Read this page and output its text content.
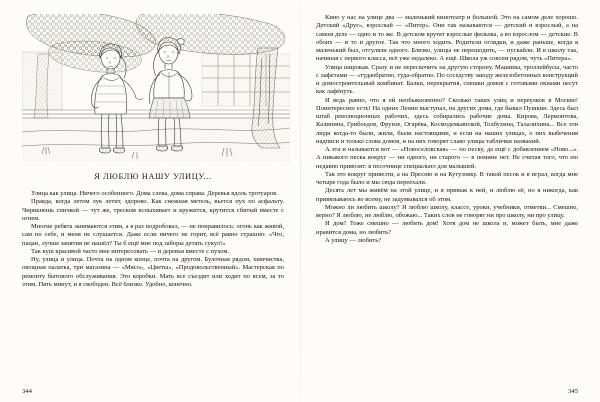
Я ЛЮБЛЮ НАШУ УЛИЦУ...

Улица как улица. Ничего особенного. Дома слева, дома справа. Деревья вдоль тротуаров.

Правда, когда летом лук летит, здорово. Как снежная метель, вьется пух по асфальту. Чирикнешь спичкой — тут же, треском вспыхивает и кружится, крутится сбитый вместе с огнем.

Многие ребята занимаются этим, а я раз подробовал, — не понравилось: огонь как живой, сам по себе, и меня не слушается. Даже если ничего не горит, всё равно страшно: «Что, пацан, лучше занятия не нашёл? Ты б ещё мне под заборы детать сукул!»

Так куш красивой часто мне интересовать — и деревья вместе с пухом.

Ну, улица и улица. Почта на одном конце, почта на другом. Булочная рядом, химчистка, овощная палатка, три магазина — «Мясо», «Цветы», «Продовольственный». Мастерская по ремонту бытового обслуживания. Это коробки. Мать все съездит или ходит по всем, за то этим. Пять минут, и я свободен. Всё близко. Удобно, конечно.

344

Кино у нас на улице два — маленький кинотеатр и большой. Это на самом деле хорошо. Детский «Друг», взрослый — «Питер». Они так называются — детский и взрослый, а на самом деле — одно и то же. В детском крутят взрослые фильмы, а во взрослом — детские. В обоих — и то и другое. Так что много ходить. Родители оглядки, и даже раньше, когда я маленький был, отгуляли одного. Близко, улицы не перешодить, — пускайли. И в школу так, начиная с первого класса, всё уже недалеко. А ещё. Школа уж совсем рядом, чуть «Питера».

Улица широкая. Сразу и не перескочить на другую сторону. Машины, троллейбусы, часто с лафетами — «тудаобратно, туда-обратно. По соседству заводу железобетонных конструкций и домостроительный комбинат. Балки, перекрытия, спешки домов с готовыми окнами несут как лафёнуть.

И ведь равно, что я ей необыкновенно? Сколько таких улиц и переулков в Москве! Поинтереснее есть! На одних Ленин выступал, на других дома, где бывал Пушкин. Здесь был штаб революционных рабочих, здесь собирались рабочие дома. Кирова, Лермонтова, Калинина, Грибоедов, Фрунзе, Огарёва, Космодемьянской, Толбухина, Талалихина... Все эти люди когда-то были, жили, были настоящими, и если на наших улицах, о них выбечения надписи и только слова домов, и на них говорят славо улицы таблички названий.

А эта и называется вот — «Новоселовская» — по песку, да ещё с добавлением «Ново...». А никакого песка вокруг — ни одного, ни старого — в помине нет. Не считая того, что ею недавно привозят: в песочнице специально для малышей.

Так это вокруг привезти, а на Пресню и на Кутузовку. В такой песок и в играл, когда мне четыре года было и мы сюда переехали.

Десять лет мы живём на этой улице, и я привык к ней, и люблю её, но я никогда, как привязываюсь во всему, не задумывался об этом.

Можно ли любить школу? Я люблю школу, классе, уроки, учебники, отметки... Смешно, верно? Я люблю, не люблю, обожаю... Таких слов не говорят ни про школу, ни про улицу.

И дом? Тоже смешно — любить дом! Хотя дом не школа и, может быть, мне даже нравится дома, но любить?

А улицу — любить?

345
